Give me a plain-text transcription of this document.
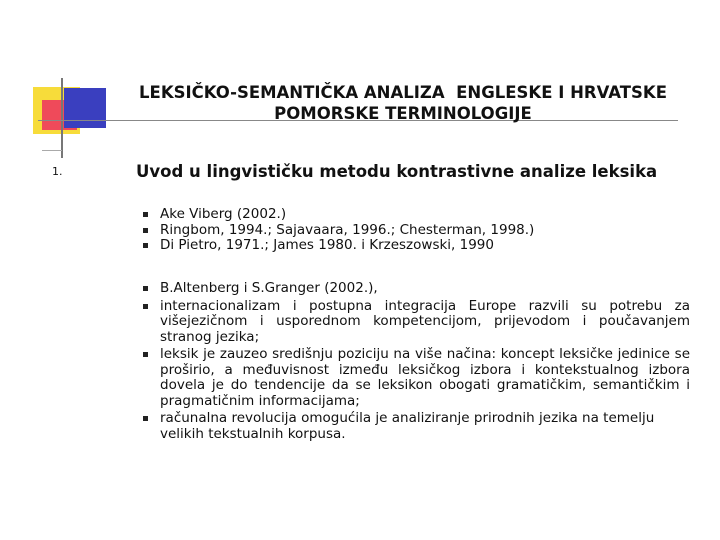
LEKSIČKO-SEMANTIČKA ANALIZA  ENGLESKE I HRVATSKE
POMORSKE TERMINOLOGIJE
1.	Uvod u lingvističku metodu kontrastivne analize leksika
Ake Viberg (2002.)
Ringbom, 1994.; Sajavaara, 1996.; Chesterman, 1998.)
Di Pietro, 1971.; James 1980. i Krzeszowski, 1990
B.Altenberg i S.Granger (2002.),
internacionalizam i postupna integracija Europe razvili su potrebu za višejezičnom i usporednom kompetencijom, prijevodom i poučavanjem stranog jezika;
leksik je zauzeo središnju poziciju na više načina: koncept leksičke jedinice se proširio, a međuvisnost između leksičkog izbora i kontekstualnog izbora dovela je do tendencije da se leksikon obogati gramatičkim, semantičkim i pragmatičnim informacijama;
računalna revolucija omogućila je analiziranje prirodnih jezika na temelju velikih tekstualnih korpusa.
